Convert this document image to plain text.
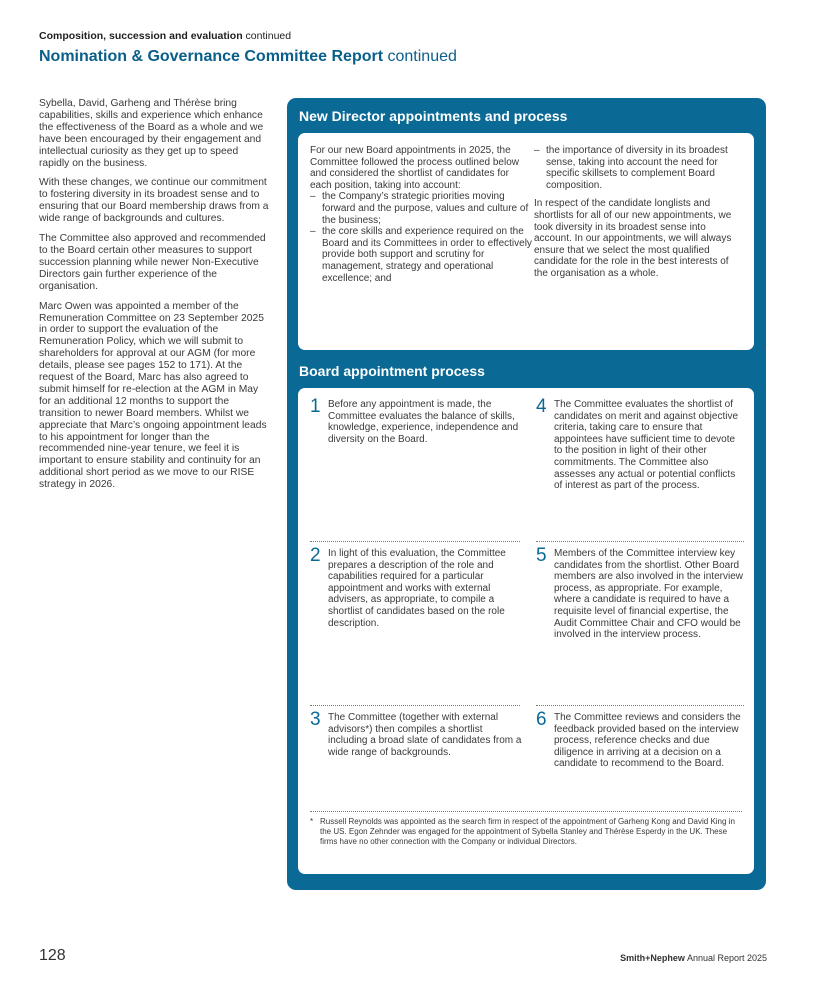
Composition, succession and evaluation continued
Nomination & Governance Committee Report continued

Sybella, David, Garheng and Thérèse bring capabilities, skills and experience which enhance the effectiveness of the Board as a whole and we have been encouraged by their engagement and intellectual curiosity as they get up to speed rapidly on the business.

With these changes, we continue our commitment to fostering diversity in its broadest sense and to ensuring that our Board membership draws from a wide range of backgrounds and cultures.

The Committee also approved and recommended to the Board certain other measures to support succession planning while newer Non-Executive Directors gain further experience of the organisation.

Marc Owen was appointed a member of the Remuneration Committee on 23 September 2025 in order to support the evaluation of the Remuneration Policy, which we will submit to shareholders for approval at our AGM (for more details, please see pages 152 to 171). At the request of the Board, Marc has also agreed to submit himself for re-election at the AGM in May for an additional 12 months to support the transition to newer Board members. Whilst we appreciate that Marc’s ongoing appointment leads to his appointment for longer than the recommended nine-year tenure, we feel it is important to ensure stability and continuity for an additional short period as we move to our RISE strategy in 2026.

New Director appointments and process

For our new Board appointments in 2025, the Committee followed the process outlined below and considered the shortlist of candidates for each position, taking into account:

– the Company’s strategic priorities moving forward and the purpose, values and culture of the business;
– the core skills and experience required on the Board and its Committees in order to effectively provide both support and scrutiny for management, strategy and operational excellence; and
– the importance of diversity in its broadest sense, taking into account the need for specific skillsets to complement Board composition.

In respect of the candidate longlists and shortlists for all of our new appointments, we took diversity in its broadest sense into account. In our appointments, we will always ensure that we select the most qualified candidate for the role in the best interests of the organisation as a whole.

Board appointment process
1 Before any appointment is made, the Committee evaluates the balance of skills, knowledge, experience, independence and diversity on the Board.
4 The Committee evaluates the shortlist of candidates on merit and against objective criteria, taking care to ensure that appointees have sufficient time to devote to the position in light of their other commitments. The Committee also assesses any actual or potential conflicts of interest as part of the process.
2 In light of this evaluation, the Committee prepares a description of the role and capabilities required for a particular appointment and works with external advisers, as appropriate, to compile a shortlist of candidates based on the role description.
5 Members of the Committee interview key candidates from the shortlist. Other Board members are also involved in the interview process, as appropriate. For example, where a candidate is required to have a requisite level of financial expertise, the Audit Committee Chair and CFO would be involved in the interview process.
3 The Committee (together with external advisors*) then compiles a shortlist including a broad slate of candidates from a wide range of backgrounds.
6 The Committee reviews and considers the feedback provided based on the interview process, reference checks and due diligence in arriving at a decision on a candidate to recommend to the Board.
* Russell Reynolds was appointed as the search firm in respect of the appointment of Garheng Kong and David King in the US. Egon Zehnder was engaged for the appointment of Sybella Stanley and Thérèse Esperdy in the UK. These firms have no other connection with the Company or individual Directors.
128	Smith+Nephew Annual Report 2025
